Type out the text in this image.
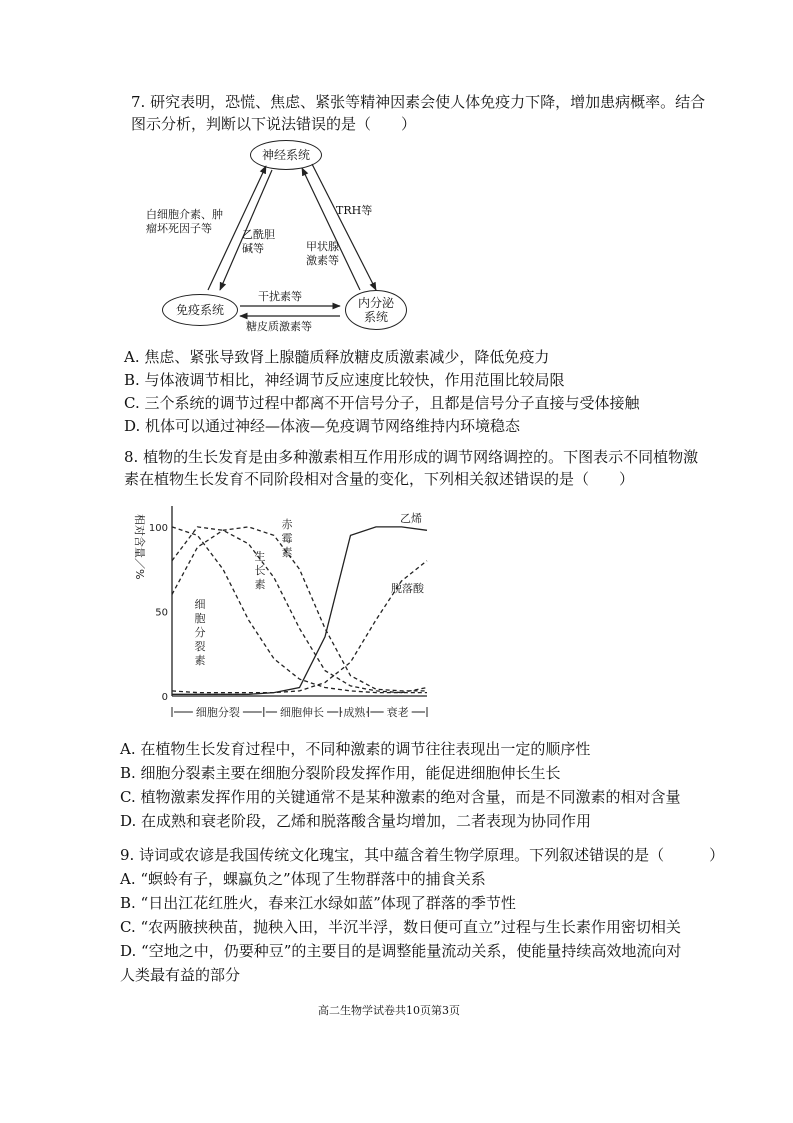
7. 研究表明，恐慌、焦虑、紧张等精神因素会使人体免疫力下降，增加患病概率。结合
图示分析，判断以下说法错误的是（　　）
神经系统
免疫系统	内分泌系统
白细胞介素、肿
瘤坏死因子等	乙酰胆
碱等
TRH等
甲状腺
激素等
干扰素等
糖皮质激素等
A. 焦虑、紧张导致肾上腺髓质释放糖皮质激素减少，降低免疫力
B. 与体液调节相比，神经调节反应速度比较快，作用范围比较局限
C. 三个系统的调节过程中都离不开信号分子，且都是信号分子直接与受体接触
D. 机体可以通过神经—体液—免疫调节网络维持内环境稳态
8. 植物的生长发育是由多种激素相互作用形成的调节网络调控的。下图表示不同植物激
素在植物生长发育不同阶段相对含量的变化，下列相关叙述错误的是（　　）
相对含量／%
0
50
100
细
胞
分
裂
素
生
长
素
赤
霉
素
乙烯
脱落酸
细胞分裂	细胞伸长 成熟 衰老
A. 在植物生长发育过程中，不同种激素的调节往往表现出一定的顺序性
B. 细胞分裂素主要在细胞分裂阶段发挥作用，能促进细胞伸长生长
C. 植物激素发挥作用的关键通常不是某种激素的绝对含量，而是不同激素的相对含量
D. 在成熟和衰老阶段，乙烯和脱落酸含量均增加，二者表现为协同作用
9. 诗词或农谚是我国传统文化瑰宝，其中蕴含着生物学原理。下列叙述错误的是（　　　）
A. “螟蛉有子，蜾蠃负之”体现了生物群落中的捕食关系
B. “日出江花红胜火，春来江水绿如蓝”体现了群落的季节性
C. “农两腋挟秧苗，抛秧入田，半沉半浮，数日便可直立”过程与生长素作用密切相关
D. “空地之中，仍要种豆”的主要目的是调整能量流动关系，使能量持续高效地流向对
人类最有益的部分
高二生物学试卷共10页第3页
